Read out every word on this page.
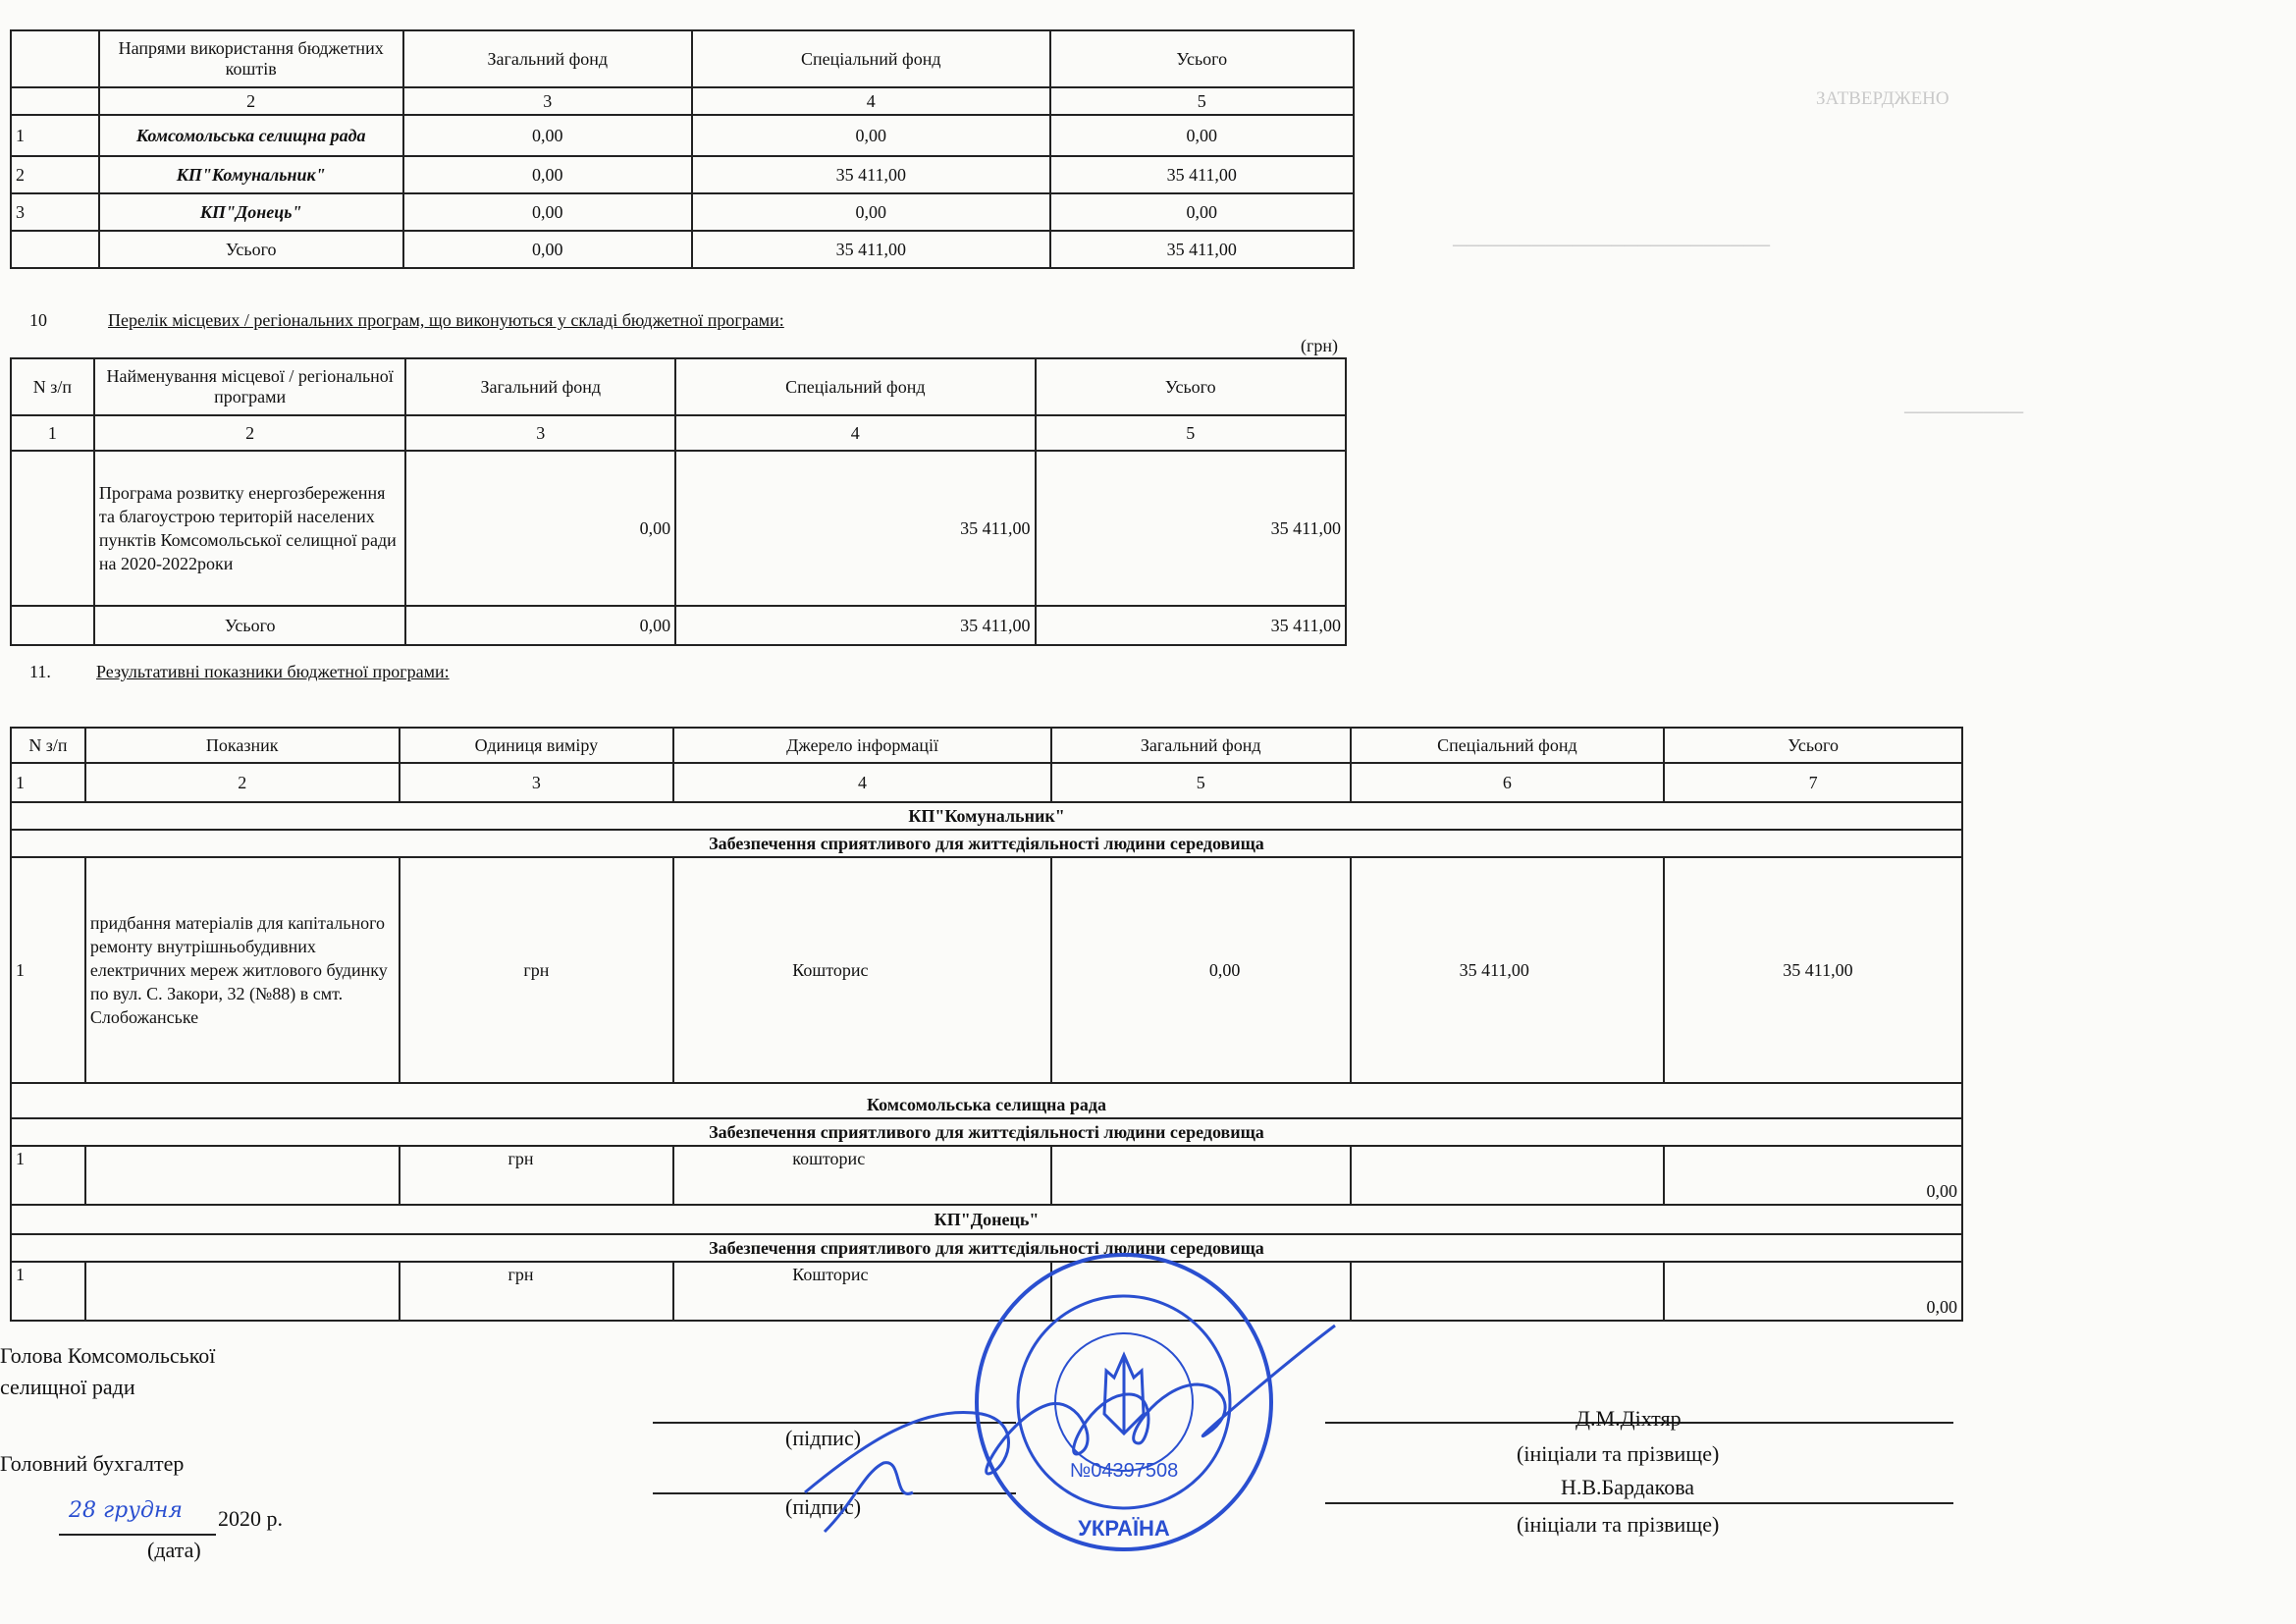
ЗАТВЕРДЖЕНО
────────────────────────
─────────
	Напрями використання бюджетних коштів	Загальний фонд	Спеціальний фонд	Усього
	2	3	4	5
1	Комсомольська селищна рада	0,00	0,00	0,00
2	КП"Комунальник"	0,00	35 411,00	35 411,00
3	КП"Донець"	0,00	0,00	0,00
	Усього	0,00	35 411,00	35 411,00
10	Перелік місцевих / регіональних програм, що виконуються у складі бюджетної програми:
(грн)
N з/п	Найменування місцевої / регіональної програми	Загальний фонд	Спеціальний фонд	Усього
1	2	3	4	5
	Програма розвитку енергозбереження та благоустрою територій населених пунктів Комсомольської селищної ради на 2020-2022роки	0,00	35 411,00	35 411,00
	Усього	0,00	35 411,00	35 411,00
11.	Результативні показники бюджетної програми:
N з/п	Показник	Одиниця виміру	Джерело інформації	Загальний фонд	Спеціальний фонд	Усього
1	2	3	4	5	6	7
КП"Комунальник"						
Забезпечення сприятливого для життєдіяльності людини середовища						
1	придбання матеріалів для капітального ремонту внутрішньобудивних електричних мереж житлового будинку по вул. С. Закори, 32 (№88) в смт. Слобожанське	грн	Кошторис	0,00	35 411,00	35 411,00
Комсомольська селищна рада						
Забезпечення сприятливого для життєдіяльності людини середовища						
1		грн	кошторис			0,00
КП"Донець"						
Забезпечення сприятливого для життєдіяльності людини середовища						
1		грн	Кошторис			0,00
Голова Комсомольської
селищної ради
(підпис)
Д.М.Діхтяр
(ініціали та прізвище)
Головний бухгалтер
(підпис)
Н.В.Бардакова
(ініціали та прізвище)
28 грудня 2020 р.
(дата)
№04397508
УКРАЇНА
